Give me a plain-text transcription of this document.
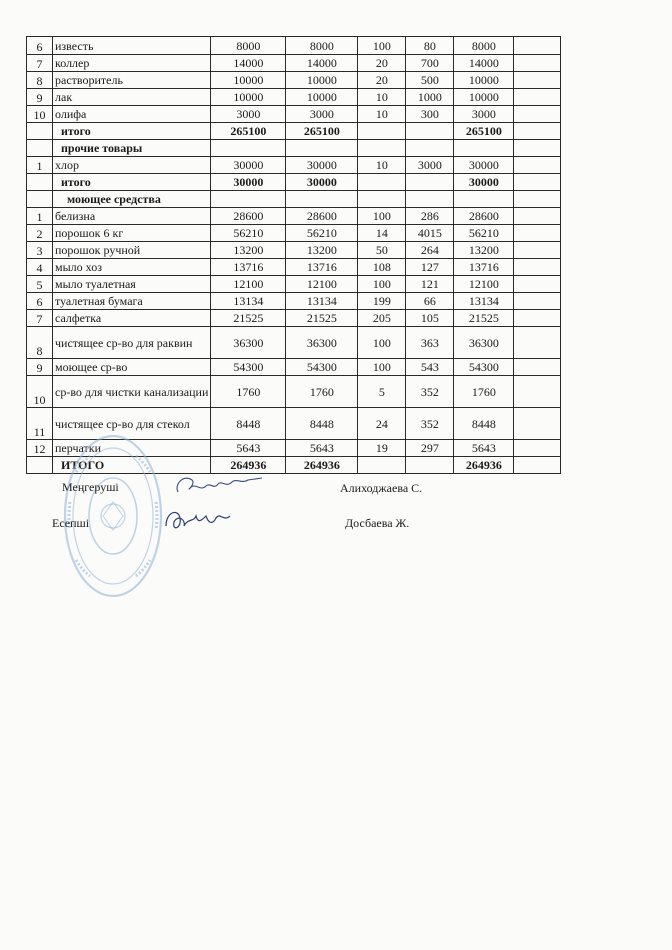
6	известь	8000	8000	100	80	8000	
7	коллер	14000	14000	20	700	14000	
8	растворитель	10000	10000	20	500	10000	
9	лак	10000	10000	10	1000	10000	
10	олифа	3000	3000	10	300	3000	
	итого	265100	265100			265100	
	прочие товары						
1	хлор	30000	30000	10	3000	30000	
	итого	30000	30000			30000	
	моющее средства						
1	белизна	28600	28600	100	286	28600	
2	порошок 6 кг	56210	56210	14	4015	56210	
3	порошок ручной	13200	13200	50	264	13200	
4	мыло хоз	13716	13716	108	127	13716	
5	мыло туалетная	12100	12100	100	121	12100	
6	туалетная бумага	13134	13134	199	66	13134	
7	салфетка	21525	21525	205	105	21525	
8	чистящее ср-во для раквин	36300	36300	100	363	36300	
9	моющее ср-во	54300	54300	100	543	54300	
10	ср-во для чистки канализации	1760	1760	5	352	1760	
11	чистящее ср-во для стекол	8448	8448	24	352	8448	
12	перчатки	5643	5643	19	297	5643	
	ИТОГО	264936	264936			264936	
Меңгеруші	Алиходжаева С.
Есепші	Досбаева Ж.
